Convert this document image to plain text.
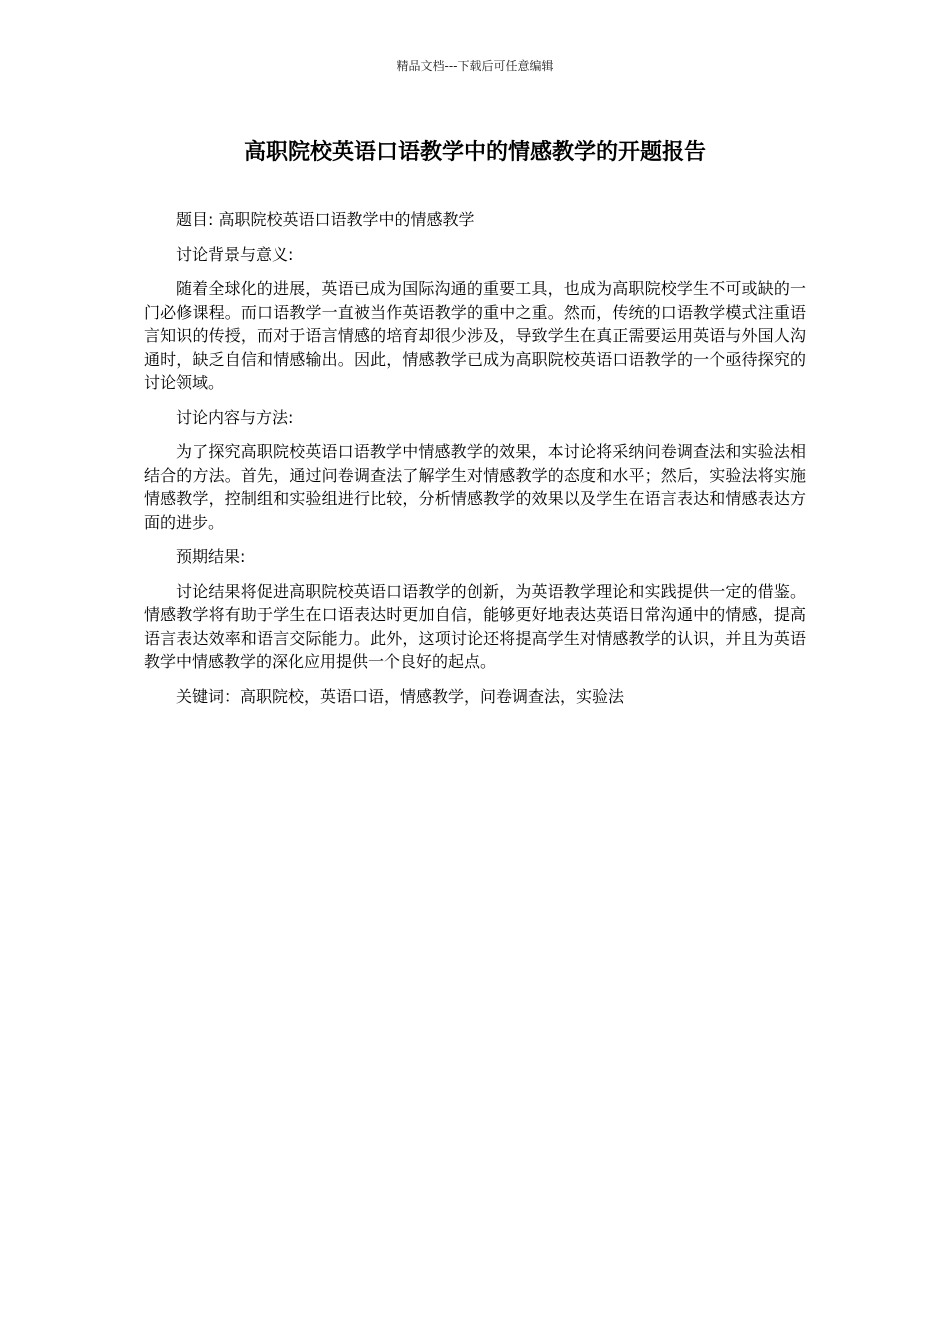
精品文档---下载后可任意编辑
高职院校英语口语教学中的情感教学的开题报告

题目: 高职院校英语口语教学中的情感教学

讨论背景与意义:

随着全球化的进展，英语已成为国际沟通的重要工具，也成为高职院校学生不可或缺的一门必修课程。而口语教学一直被当作英语教学的重中之重。然而，传统的口语教学模式注重语言知识的传授，而对于语言情感的培育却很少涉及，导致学生在真正需要运用英语与外国人沟通时，缺乏自信和情感输出。因此，情感教学已成为高职院校英语口语教学的一个亟待探究的讨论领域。

讨论内容与方法:

为了探究高职院校英语口语教学中情感教学的效果，本讨论将采纳问卷调查法和实验法相结合的方法。首先，通过问卷调查法了解学生对情感教学的态度和水平；然后，实验法将实施情感教学，控制组和实验组进行比较，分析情感教学的效果以及学生在语言表达和情感表达方面的进步。

预期结果:

讨论结果将促进高职院校英语口语教学的创新，为英语教学理论和实践提供一定的借鉴。情感教学将有助于学生在口语表达时更加自信，能够更好地表达英语日常沟通中的情感，提高语言表达效率和语言交际能力。此外，这项讨论还将提高学生对情感教学的认识，并且为英语教学中情感教学的深化应用提供一个良好的起点。

关键词：高职院校，英语口语，情感教学，问卷调查法，实验法
